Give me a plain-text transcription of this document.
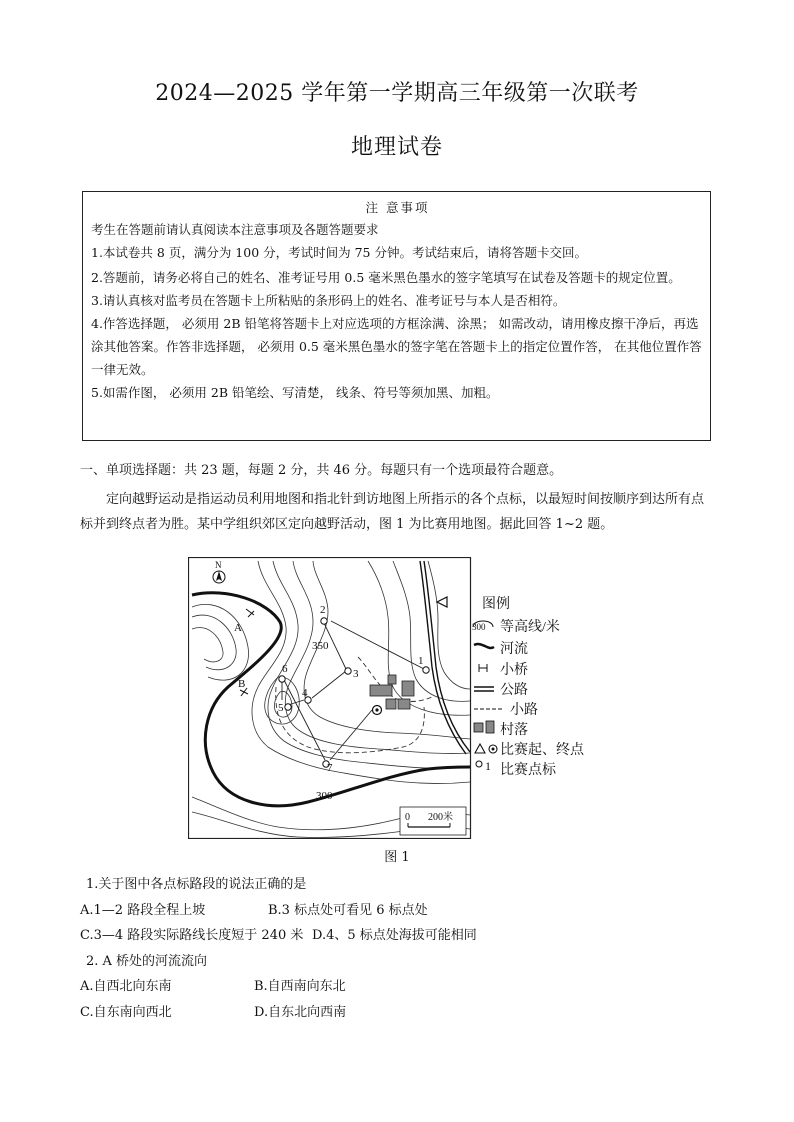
2024—2025 学年第一学期高三年级第一次联考
地理试卷
注 意事项

考生在答题前请认真阅读本注意事项及各题答题要求

1.本试卷共 8 页，满分为 100 分，考试时间为 75 分钟。考试结束后，请将答题卡交回。

2.答题前，请务必将自己的姓名、准考证号用 0.5 毫米黑色墨水的签字笔填写在试卷及答题卡的规定位置。

3.请认真核对监考员在答题卡上所粘贴的条形码上的姓名、准考证号与本人是否相符。

4.作答选择题， 必须用 2B 铅笔将答题卡上对应选项的方框涂满、涂黑； 如需改动，请用橡皮擦干净后，再选涂其他答案。作答非选择题， 必须用 0.5 毫米黑色墨水的签字笔在答题卡上的指定位置作答， 在其他位置作答一律无效。

5.如需作图， 必须用 2B 铅笔绘、写清楚， 线条、符号等须加黑、加粗。

一、单项选择题：共 23 题，每题 2 分，共 46 分。每题只有一个选项最符合题意。
定向越野运动是指运动员利用地图和指北针到访地图上所指示的各个点标，以最短时间按顺序到达所有点标并到终点者为胜。某中学组织郊区定向越野活动，图 1 为比赛用地图。据此回答 1~2 题。
1
2
3
4
5
6
7
350
300
A
B
N
0 200米
图例
300 等高线/米
河流
小桥
公路
小路
村落
比赛起、终点
1 比赛点标
图 1
1.关于图中各点标路段的说法正确的是
A.1—2 路段全程上坡	B.3 标点处可看见 6 标点处
C.3—4 路段实际路线长度短于 240 米 D.4、5 标点处海拔可能相同
2. A 桥处的河流流向
A.自西北向东南	B.自西南向东北
C.自东南向西北	D.自东北向西南
